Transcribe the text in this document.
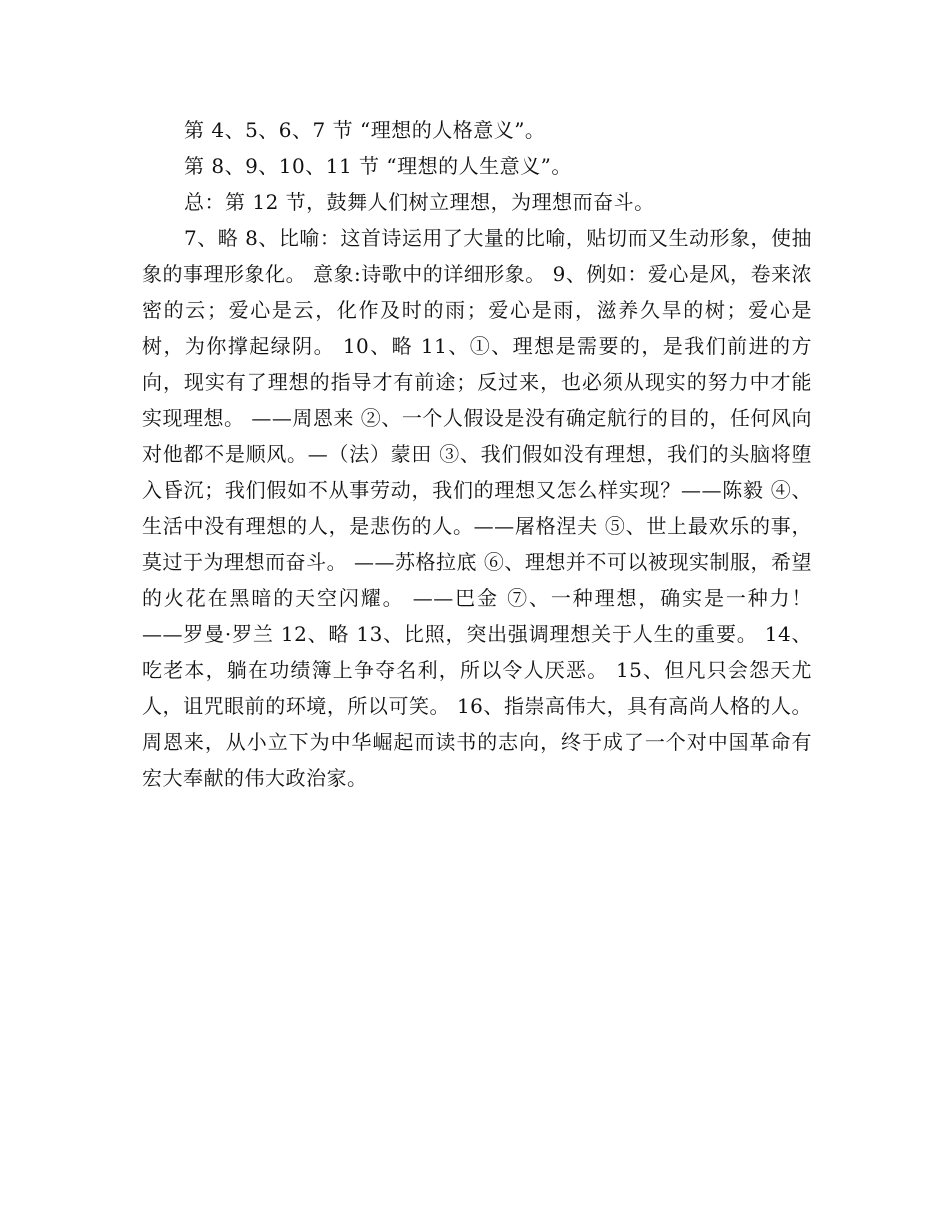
第 4、5、6、7 节 “理想的人格意义”。

第 8、9、10、11 节 “理想的人生意义”。

总：第 12 节，鼓舞人们树立理想，为理想而奋斗。

7、略 8、比喻：这首诗运用了大量的比喻，贴切而又生动形象，使抽象的事理形象化。 意象:诗歌中的详细形象。 9、例如：爱心是风，卷来浓密的云；爱心是云，化作及时的雨；爱心是雨，滋养久旱的树；爱心是树，为你撑起绿阴。 10、略 11、①、理想是需要的，是我们前进的方向，现实有了理想的指导才有前途；反过来，也必须从现实的努力中才能实现理想。 ——周恩来 ②、一个人假设是没有确定航行的目的，任何风向对他都不是顺风。—（法）蒙田 ③、我们假如没有理想，我们的头脑将堕入昏沉；我们假如不从事劳动，我们的理想又怎么样实现？——陈毅 ④、生活中没有理想的人，是悲伤的人。——屠格涅夫 ⑤、世上最欢乐的事，莫过于为理想而奋斗。 ——苏格拉底 ⑥、理想并不可以被现实制服，希望的火花在黑暗的天空闪耀。 ——巴金 ⑦、一种理想，确实是一种力！ ——罗曼·罗兰 12、略 13、比照，突出强调理想关于人生的重要。 14、吃老本，躺在功绩簿上争夺名利，所以令人厌恶。 15、但凡只会怨天尤人，诅咒眼前的环境，所以可笑。 16、指崇高伟大，具有高尚人格的人。周恩来，从小立下为中华崛起而读书的志向，终于成了一个对中国革命有宏大奉献的伟大政治家。
